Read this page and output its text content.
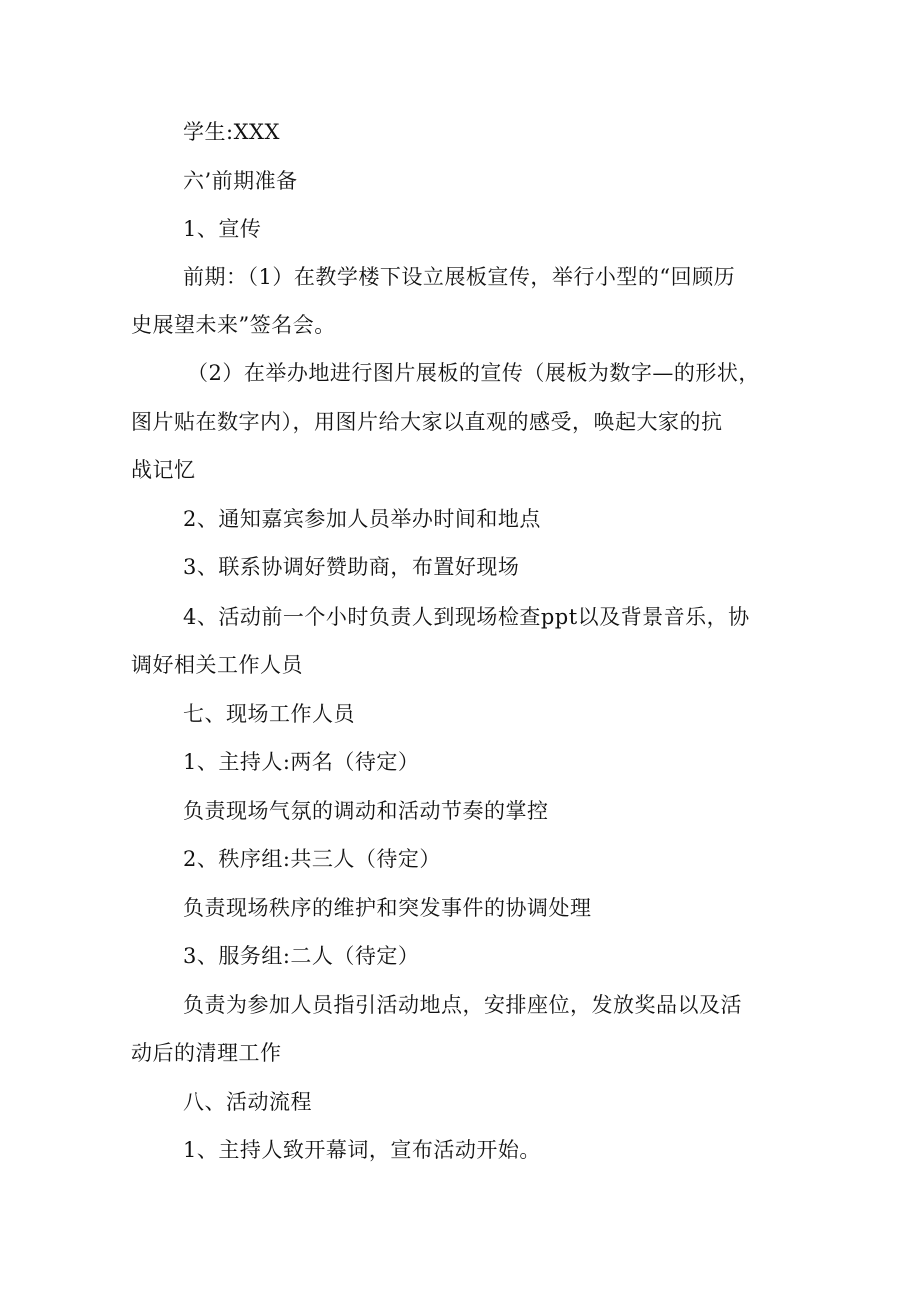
学生:XXX
六’前期准备
1、宣传
前期：（1）在教学楼下设立展板宣传，举行小型的“回顾历
史展望未来”签名会。
（2）在举办地进行图片展板的宣传（展板为数字—的形状，
图片贴在数字内），用图片给大家以直观的感受，唤起大家的抗
战记忆
2、通知嘉宾参加人员举办时间和地点
3、联系协调好赞助商，布置好现场
4、活动前一个小时负责人到现场检查ppt以及背景音乐，协
调好相关工作人员
七、现场工作人员
1、主持人:两名（待定）
负责现场气氛的调动和活动节奏的掌控
2、秩序组:共三人（待定）
负责现场秩序的维护和突发事件的协调处理
3、服务组:二人（待定）
负责为参加人员指引活动地点，安排座位，发放奖品以及活
动后的清理工作
八、活动流程
1、主持人致开幕词，宣布活动开始。
